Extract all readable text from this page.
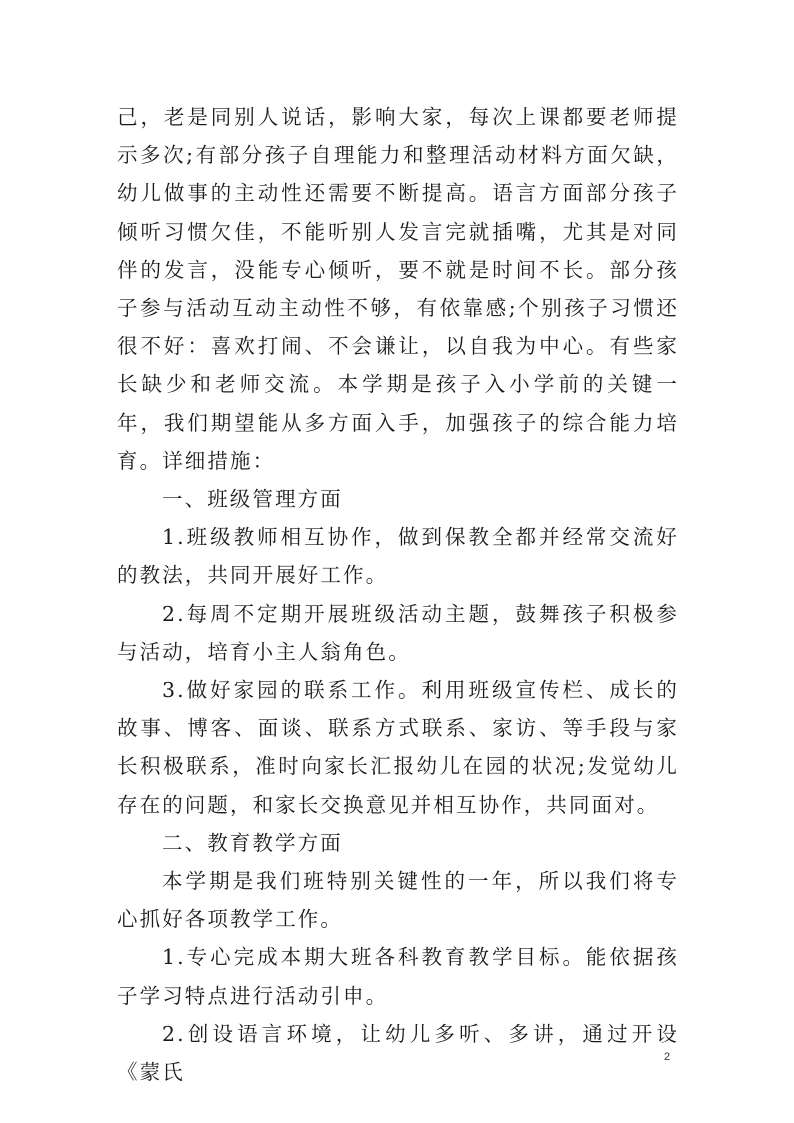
己，老是同别人说话，影响大家，每次上课都要老师提示多次;有部分孩子自理能力和整理活动材料方面欠缺，幼儿做事的主动性还需要不断提高。语言方面部分孩子倾听习惯欠佳，不能听别人发言完就插嘴，尤其是对同伴的发言，没能专心倾听，要不就是时间不长。部分孩子参与活动互动主动性不够，有依靠感;个别孩子习惯还很不好：喜欢打闹、不会谦让，以自我为中心。有些家长缺少和老师交流。本学期是孩子入小学前的关键一年，我们期望能从多方面入手，加强孩子的综合能力培育。详细措施：

一、班级管理方面

1.班级教师相互协作，做到保教全都并经常交流好的教法，共同开展好工作。

2.每周不定期开展班级活动主题，鼓舞孩子积极参与活动，培育小主人翁角色。

3.做好家园的联系工作。利用班级宣传栏、成长的故事、博客、面谈、联系方式联系、家访、等手段与家长积极联系，准时向家长汇报幼儿在园的状况;发觉幼儿存在的问题，和家长交换意见并相互协作，共同面对。

二、教育教学方面

本学期是我们班特别关键性的一年，所以我们将专心抓好各项教学工作。

1.专心完成本期大班各科教育教学目标。能依据孩子学习特点进行活动引申。

2.创设语言环境，让幼儿多听、多讲，通过开设《蒙氏

2
